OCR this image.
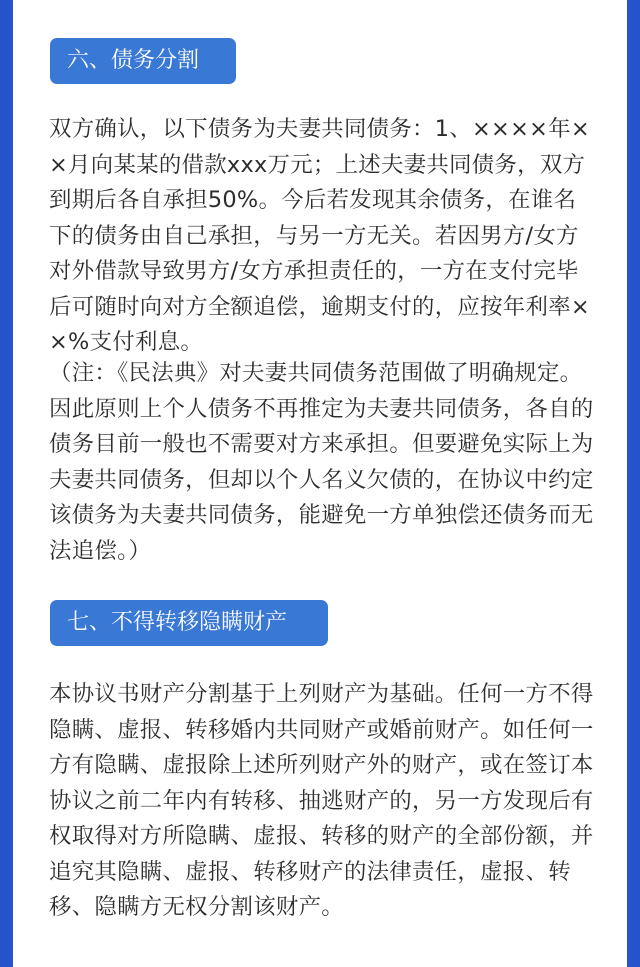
六、债务分割

双方确认，以下债务为夫妻共同债务：1、××××年××月向某某的借款xxx万元；上述夫妻共同债务，双方到期后各自承担50%。今后若发现其余债务，在谁名下的债务由自己承担，与另一方无关。若因男方/女方对外借款导致男方/女方承担责任的，一方在支付完毕后可随时向对方全额追偿，逾期支付的，应按年利率××%支付利息。

（注：《民法典》对夫妻共同债务范围做了明确规定。因此原则上个人债务不再推定为夫妻共同债务，各自的债务目前一般也不需要对方来承担。但要避免实际上为夫妻共同债务，但却以个人名义欠债的，在协议中约定该债务为夫妻共同债务，能避免一方单独偿还债务而无法追偿。）

七、不得转移隐瞒财产

本协议书财产分割基于上列财产为基础。任何一方不得隐瞒、虚报、转移婚内共同财产或婚前财产。如任何一方有隐瞒、虚报除上述所列财产外的财产，或在签订本协议之前二年内有转移、抽逃财产的，另一方发现后有权取得对方所隐瞒、虚报、转移的财产的全部份额，并追究其隐瞒、虚报、转移财产的法律责任，虚报、转移、隐瞒方无权分割该财产。
